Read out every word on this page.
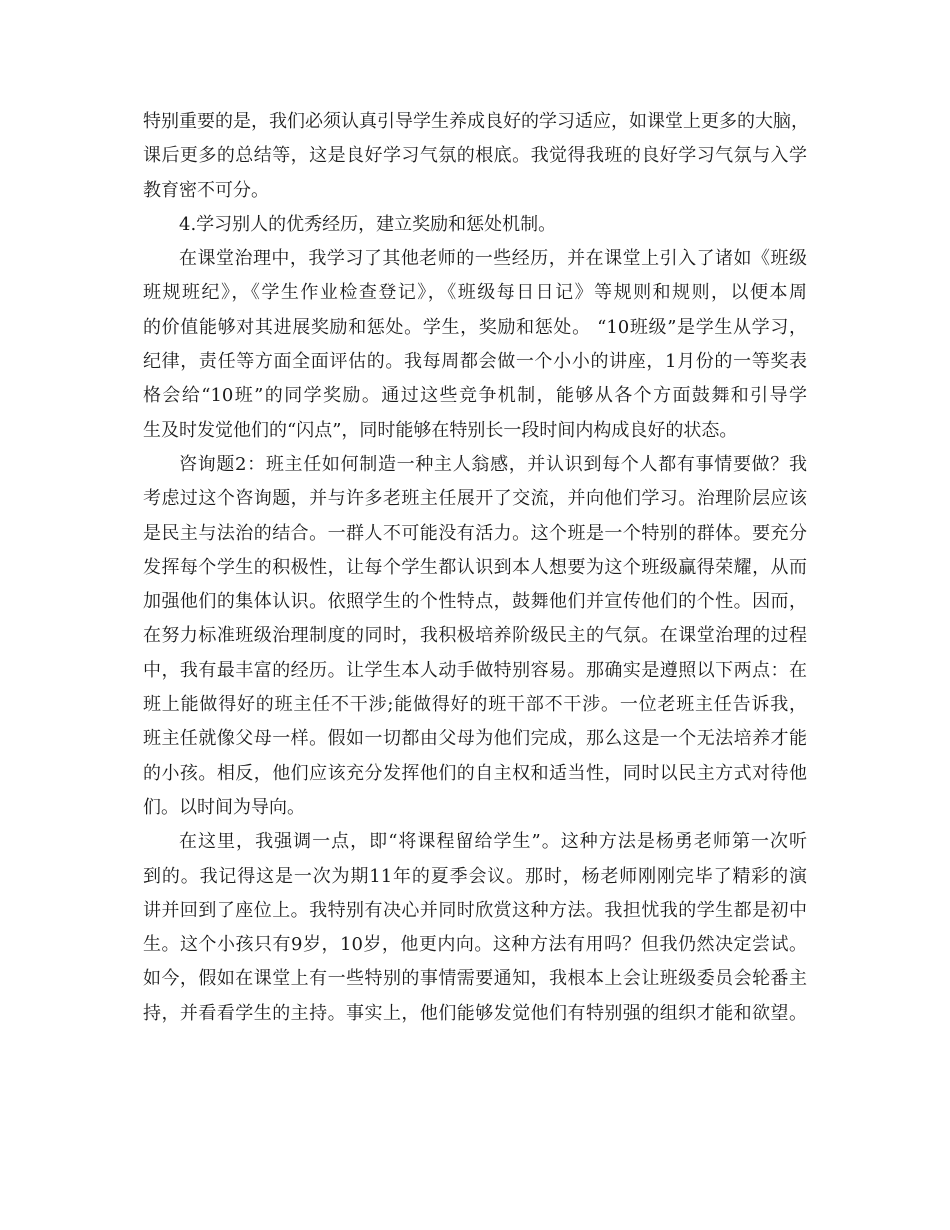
特别重要的是，我们必须认真引导学生养成良好的学习适应，如课堂上更多的大脑，
课后更多的总结等，这是良好学习气氛的根底。我觉得我班的良好学习气氛与入学
教育密不可分。
4.学习别人的优秀经历，建立奖励和惩处机制。
在课堂治理中，我学习了其他老师的一些经历，并在课堂上引入了诸如《班级
班规班纪》，《学生作业检查登记》，《班级每日日记》等规则和规则，以便本周
的价值能够对其进展奖励和惩处。学生，奖励和惩处。 “10班级”是学生从学习，
纪律，责任等方面全面评估的。我每周都会做一个小小的讲座，1月份的一等奖表
格会给“10班”的同学奖励。通过这些竞争机制，能够从各个方面鼓舞和引导学
生及时发觉他们的“闪点”，同时能够在特别长一段时间内构成良好的状态。
咨询题2：班主任如何制造一种主人翁感，并认识到每个人都有事情要做？我
考虑过这个咨询题，并与许多老班主任展开了交流，并向他们学习。治理阶层应该
是民主与法治的结合。一群人不可能没有活力。这个班是一个特别的群体。要充分
发挥每个学生的积极性，让每个学生都认识到本人想要为这个班级赢得荣耀，从而
加强他们的集体认识。依照学生的个性特点，鼓舞他们并宣传他们的个性。因而，
在努力标准班级治理制度的同时，我积极培养阶级民主的气氛。在课堂治理的过程
中，我有最丰富的经历。让学生本人动手做特别容易。那确实是遵照以下两点：在
班上能做得好的班主任不干涉;能做得好的班干部不干涉。一位老班主任告诉我，
班主任就像父母一样。假如一切都由父母为他们完成，那么这是一个无法培养才能
的小孩。相反，他们应该充分发挥他们的自主权和适当性，同时以民主方式对待他
们。以时间为导向。
在这里，我强调一点，即“将课程留给学生”。这种方法是杨勇老师第一次听
到的。我记得这是一次为期11年的夏季会议。那时，杨老师刚刚完毕了精彩的演
讲并回到了座位上。我特别有决心并同时欣赏这种方法。我担忧我的学生都是初中
生。这个小孩只有9岁，10岁，他更内向。这种方法有用吗？但我仍然决定尝试。
如今，假如在课堂上有一些特别的事情需要通知，我根本上会让班级委员会轮番主
持，并看看学生的主持。事实上，他们能够发觉他们有特别强的组织才能和欲望。
